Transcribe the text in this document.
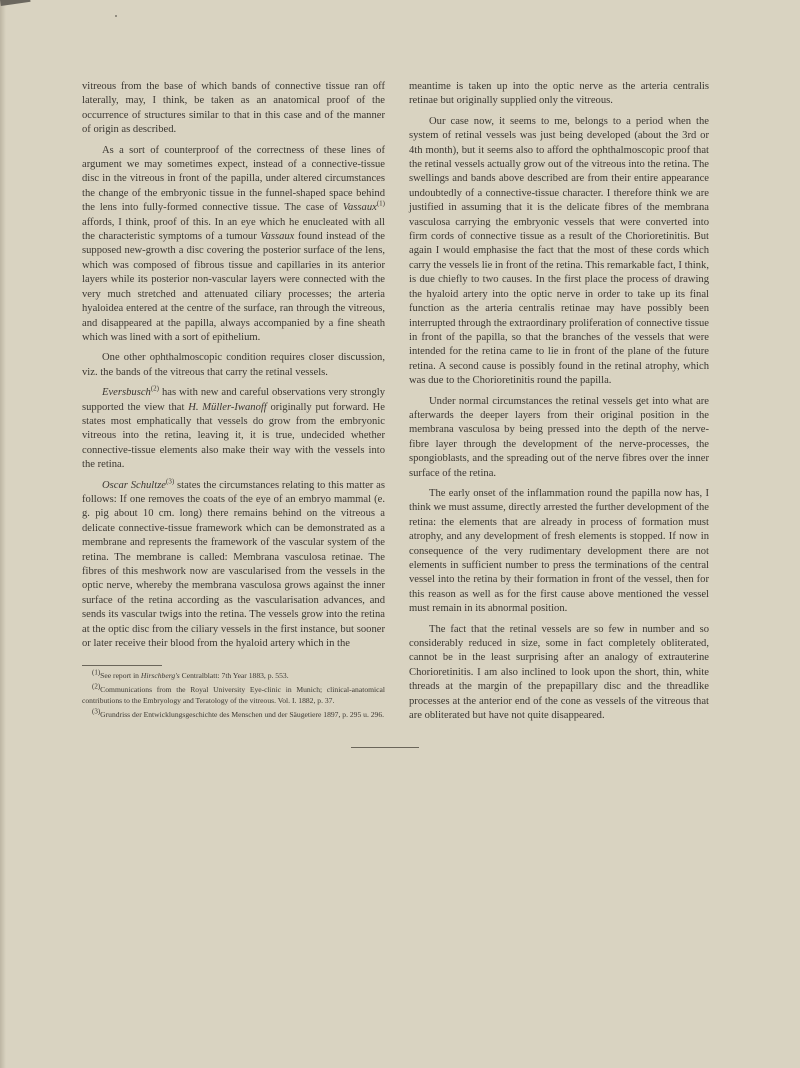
vitreous from the base of which bands of connective tissue ran off laterally, may, I think, be taken as an anatomical proof of the occurrence of structures similar to that in this case and of the manner of origin as described.

As a sort of counterproof of the correctness of these lines of argument we may sometimes expect, instead of a connective-tissue disc in the vitreous in front of the papilla, under altered circumstances the change of the embryonic tissue in the funnel-shaped space behind the lens into fully-formed connective tissue. The case of Vassaux$^{(1)}$ affords, I think, proof of this. In an eye which he enucleated with all the characteristic symptoms of a tumour Vassaux found instead of the supposed new-growth a disc covering the posterior surface of the lens, which was composed of fibrous tissue and capillaries in its anterior layers while its posterior non-vascular layers were connected with the very much stretched and attenuated ciliary processes; the arteria hyaloidea entered at the centre of the surface, ran through the vitreous, and disappeared at the papilla, always accompanied by a fine sheath which was lined with a sort of epithelium.

One other ophthalmoscopic condition requires closer discussion, viz. the bands of the vitreous that carry the retinal vessels.

Eversbusch$^{(2)}$ has with new and careful observations very strongly supported the view that H. Müller-Iwanoff originally put forward. He states most emphatically that vessels do grow from the embryonic vitreous into the retina, leaving it, it is true, undecided whether connective-tissue elements also make their way with the vessels into the retina.

Oscar Schultze$^{(3)}$ states the circumstances relating to this matter as follows: If one removes the coats of the eye of an embryo mammal (e. g. pig about 10 cm. long) there remains behind on the vitreous a delicate connective-tissue framework which can be demonstrated as a membrane and represents the framework of the vascular system of the retina. The membrane is called: Membrana vasculosa retinae. The fibres of this meshwork now are vascularised from the vessels in the optic nerve, whereby the membrana vasculosa grows against the inner surface of the retina according as the vascularisation advances, and sends its vascular twigs into the retina. The vessels grow into the retina at the optic disc from the ciliary vessels in the first instance, but sooner or later receive their blood from the hyaloid artery which in the

(1)See report in Hirschberg's Centralblatt: 7th Year 1883, p. 553.

(2)Communications from the Royal University Eye-clinic in Munich; clinical-anatomical contributions to the Embryology and Teratology of the vitreous. Vol. I. 1882, p. 37.

(3)Grundriss der Entwicklungsgeschichte des Menschen und der Säugetiere 1897, p. 295 u. 296.

meantime is taken up into the optic nerve as the arteria centralis retinae but originally supplied only the vitreous.

Our case now, it seems to me, belongs to a period when the system of retinal vessels was just being developed (about the 3rd or 4th month), but it seems also to afford the ophthalmoscopic proof that the retinal vessels actually grow out of the vitreous into the retina. The swellings and bands above described are from their entire appearance undoubtedly of a connective-tissue character. I therefore think we are justified in assuming that it is the delicate fibres of the membrana vasculosa carrying the embryonic vessels that were converted into firm cords of connective tissue as a result of the Chorioretinitis. But again I would emphasise the fact that the most of these cords which carry the vessels lie in front of the retina. This remarkable fact, I think, is due chiefly to two causes. In the first place the process of drawing the hyaloid artery into the optic nerve in order to take up its final function as the arteria centralis retinae may have possibly been interrupted through the extraordinary proliferation of connective tissue in front of the papilla, so that the branches of the vessels that were intended for the retina came to lie in front of the plane of the future retina. A second cause is possibly found in the retinal atrophy, which was due to the Chorioretinitis round the papilla.

Under normal circumstances the retinal vessels get into what are afterwards the deeper layers from their original position in the membrana vasculosa by being pressed into the depth of the nerve-fibre layer through the development of the nerve-processes, the spongioblasts, and the spreading out of the nerve fibres over the inner surface of the retina.

The early onset of the inflammation round the papilla now has, I think we must assume, directly arrested the further development of the retina: the elements that are already in process of formation must atrophy, and any development of fresh elements is stopped. If now in consequence of the very rudimentary development there are not elements in sufficient number to press the terminations of the central vessel into the retina by their formation in front of the vessel, then for this reason as well as for the first cause above mentioned the vessel must remain in its abnormal position.

The fact that the retinal vessels are so few in number and so considerably reduced in size, some in fact completely obliterated, cannot be in the least surprising after an analogy of extrauterine Chorioretinitis. I am also inclined to look upon the short, thin, white threads at the margin of the prepapillary disc and the threadlike processes at the anterior end of the cone as vessels of the vitreous that are obliterated but have not quite disappeared.
